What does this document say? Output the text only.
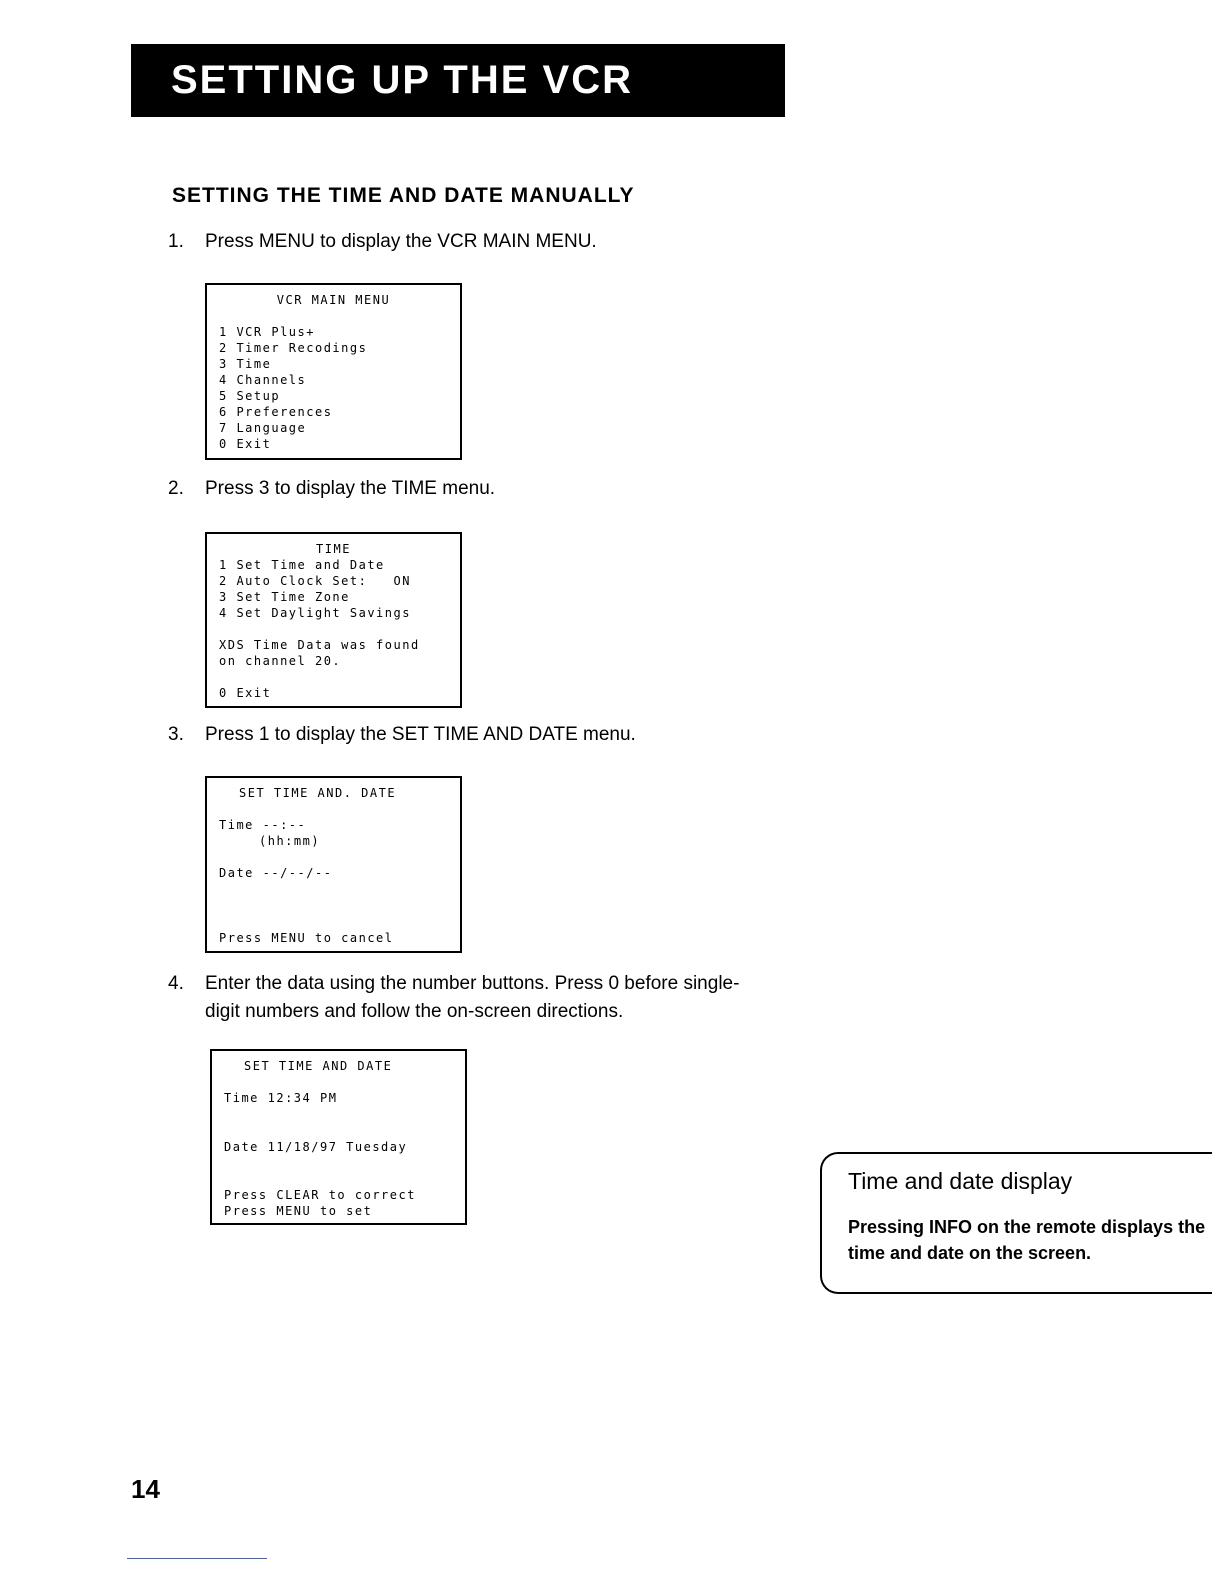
SETTING UP THE VCR
SETTING THE TIME AND DATE MANUALLY
1. Press MENU to display the VCR MAIN MENU.
VCR MAIN MENU
1 VCR Plus+
2 Timer Recodings
3 Time
4 Channels
5 Setup
6 Preferences
7 Language
0 Exit
2. Press 3 to display the TIME menu.
TIME
1 Set Time and Date
2 Auto Clock Set:   ON
3 Set Time Zone
4 Set Daylight Savings
XDS Time Data was found
on channel 20.
0 Exit
3. Press 1 to display the SET TIME AND DATE menu.
SET TIME AND. DATE
Time --:--
(hh:mm)
Date --/--/--
Press MENU to cancel
4. Enter the data using the number buttons. Press 0 before single-digit numbers and follow the on-screen directions.
SET TIME AND DATE
Time 12:34 PM
Date 11/18/97 Tuesday
Press CLEAR to correct
Press MENU to set
Time and date display
Pressing INFO on the remote displays the time and date on the screen.
14
